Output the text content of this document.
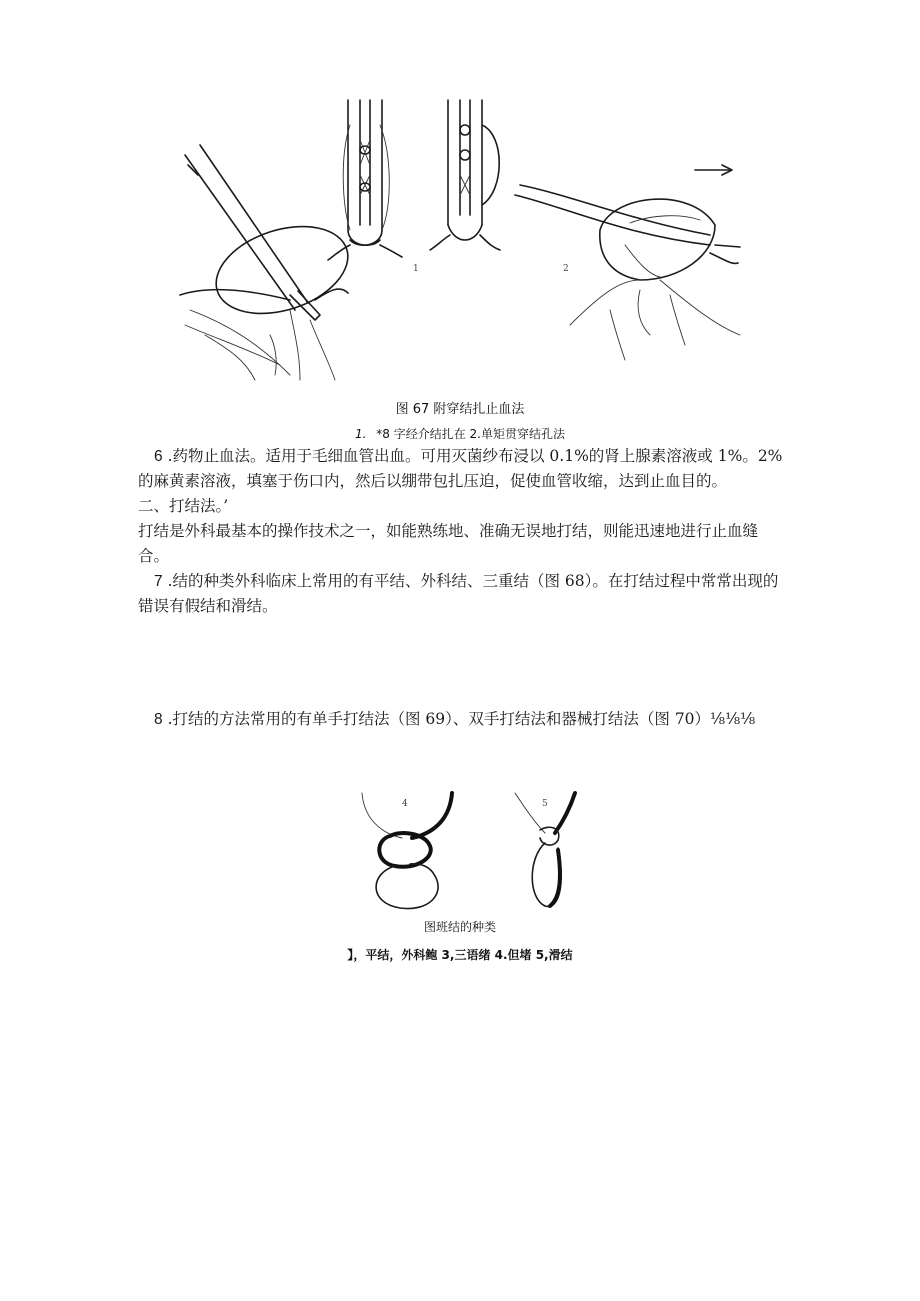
1	2
图 67 附穿结扎止血法
1. *8 字经介结扎在 2.单矩贯穿结孔法

6 .药物止血法。适用于毛细血管出血。可用灭菌纱布浸以 0.1%的肾上腺素溶液或 1%。2%的麻黄素溶液，填塞于伤口内，然后以绷带包扎压迫，促使血管收缩，达到止血目的。

二、打结法。’

打结是外科最基本的操作技术之一，如能熟练地、准确无误地打结，则能迅速地进行止血缝合。

7 .结的种类外科临床上常用的有平结、外科结、三重结（图 68）。在打结过程中常常出现的错误有假结和滑结。

8 .打结的方法常用的有单手打结法（图 69）、双手打结法和器械打结法（图 70）⅛⅛⅛

4	5
图班结的种类
】，平结，外科鲍 3,三语绪 4.但堵 5,滑结
